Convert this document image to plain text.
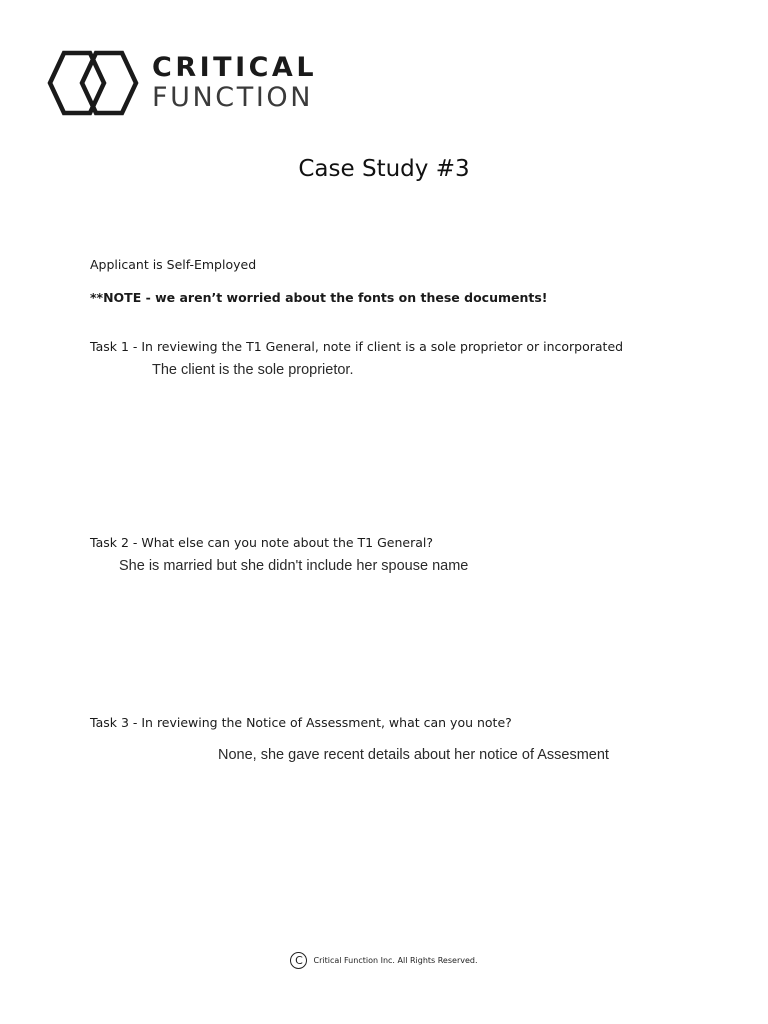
CRITICAL
FUNCTION
Case Study #3
Applicant is Self-Employed
**NOTE - we aren’t worried about the fonts on these documents!
Task 1 - In reviewing the T1 General, note if client is a sole proprietor or incorporated
The client is the sole proprietor.
Task 2 - What else can you note about the T1 General?
She is married but she didn't include her spouse name
Task 3 - In reviewing the Notice of Assessment, what can you note?
None, she gave recent details about her notice of Assesment
C	Critical Function Inc. All Rights Reserved.
